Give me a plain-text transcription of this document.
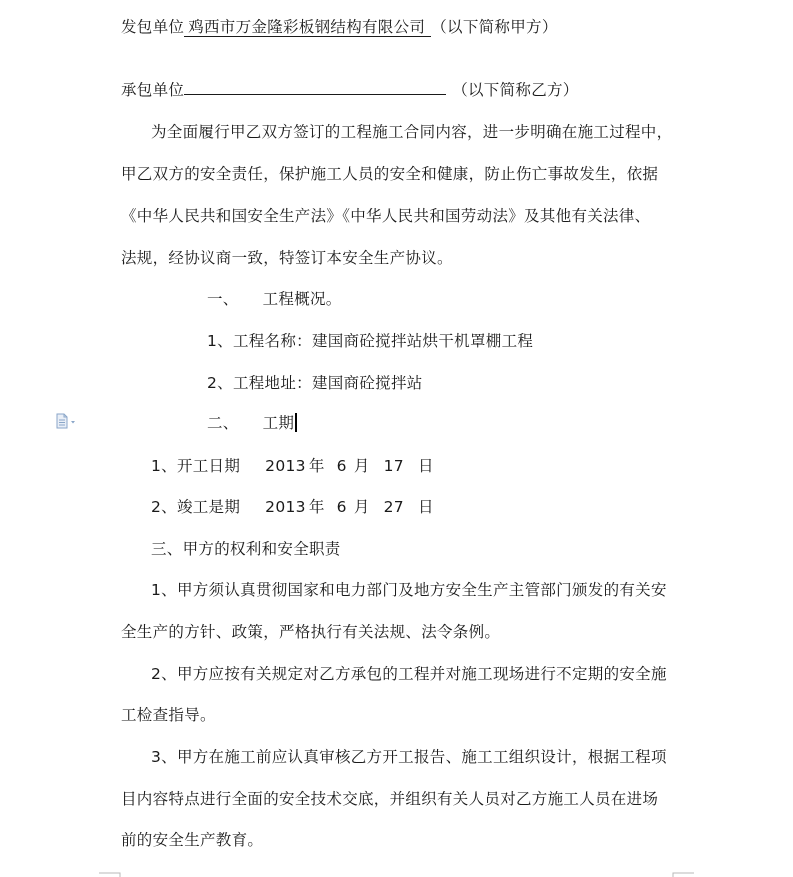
发包单位 鸡西市万金隆彩板钢结构有限公司 （以下简称甲方）
承包单位	（以下简称乙方）
为全面履行甲乙双方签订的工程施工合同内容，进一步明确在施工过程中，
甲乙双方的安全责任，保护施工人员的安全和健康，防止伤亡事故发生，依据
《中华人民共和国安全生产法》《中华人民共和国劳动法》及其他有关法律、
法规，经协议商一致，特签订本安全生产协议。
一、 工程概况。
1、工程名称：建国商砼搅拌站烘干机罩棚工程
2、工程地址：建国商砼搅拌站
二、 工期
1、开工日期 2013 年 6 月 17 日
2、竣工是期 2013 年 6 月 27 日
三、甲方的权利和安全职责
1、甲方须认真贯彻国家和电力部门及地方安全生产主管部门颁发的有关安
全生产的方针、政策，严格执行有关法规、法令条例。
2、甲方应按有关规定对乙方承包的工程并对施工现场进行不定期的安全施
工检查指导。
3、甲方在施工前应认真审核乙方开工报告、施工工组织设计，根据工程项
目内容特点进行全面的安全技术交底，并组织有关人员对乙方施工人员在进场
前的安全生产教育。
